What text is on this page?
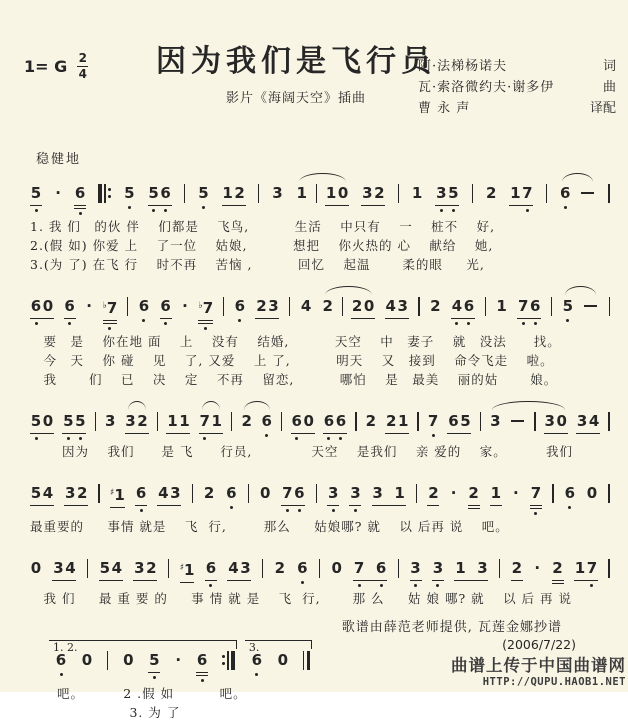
1= G $\frac{2}{4}$	因为我们是飞行员
影片《海阔天空》插曲
阿·法梯杨诺夫	词
瓦·索洛微约夫·谢多伊	曲
曹 永 声	译配
稳健地
5 · 6	5 5 6 5 1 2 3 1 1 0 3 2 1 3 5 2 1 7 6
1. 我 们　的伙 伴　 们都是　 飞鸟,　　　 生活　 中只有　 一　 桩不　 好,
2.(假 如) 你爱 上　 了一位　 姑娘,　　　 想把　 你火热的 心　 献给　 她,
3.(为 了) 在飞 行　 时不再　 苦恼 ,　　　 回忆　 起温　　 柔的眼　  光,
6 0 6 · ♭7 6 6 · ♭7 6 2 3 4 2 2 0 4 3 2 4 6 1 7 6 5
　要　是　 你在地 面　 上　 没有　 结婚,　　　 天空　 中　妻子　 就　没法　　找。
　今　天　 你 碰　 见　 了, 又爱　 上 了,　　　 明天　 又　接到　 命令飞走　 啦。
　我　　 们　 已　 决　 定　 不再　 留恋,　　　 哪怕　 是　最美　 丽的姑　　 娘。
5 0 5 5 3 3 2 1 1 7 1 2 6 6 0 6 6 2 2 1 7 6 5 3	3 0 3 4
　　 因为　 我们　　是 飞　　行员,　　　　 天空　 是我们　 亲 爱的　 家。　　　 我们
5 4 3 2	♯1 6 4 3 2 6 0 7 6 3 3 3 1 2 · 2 1 · 7 6 0
最重要的　  事情 就是　 飞  行,　　  那么　  姑娘哪? 就　 以 后再 说　 吧。
0 3 4 5 4 3 2	♯1 6 4 3 2 6 0 7 6 3 3 1 3 2 · 2 1 7
　我 们　  最 重 要 的　  事 情 就 是　 飞  行,　　 那 么　  姑 娘 哪? 就　 以 后 再 说
1. 2.
6 0 0 5 · 6
3.
6 0
　　吧。　　　 2 .假 如　　　 吧。
　　　　　　　 3. 为 了
歌谱由薛范老师提供, 瓦莲金娜抄谱
(2006/7/22)
曲谱上传于中国曲谱网
HTTP://QUPU.HAOB1.NET
